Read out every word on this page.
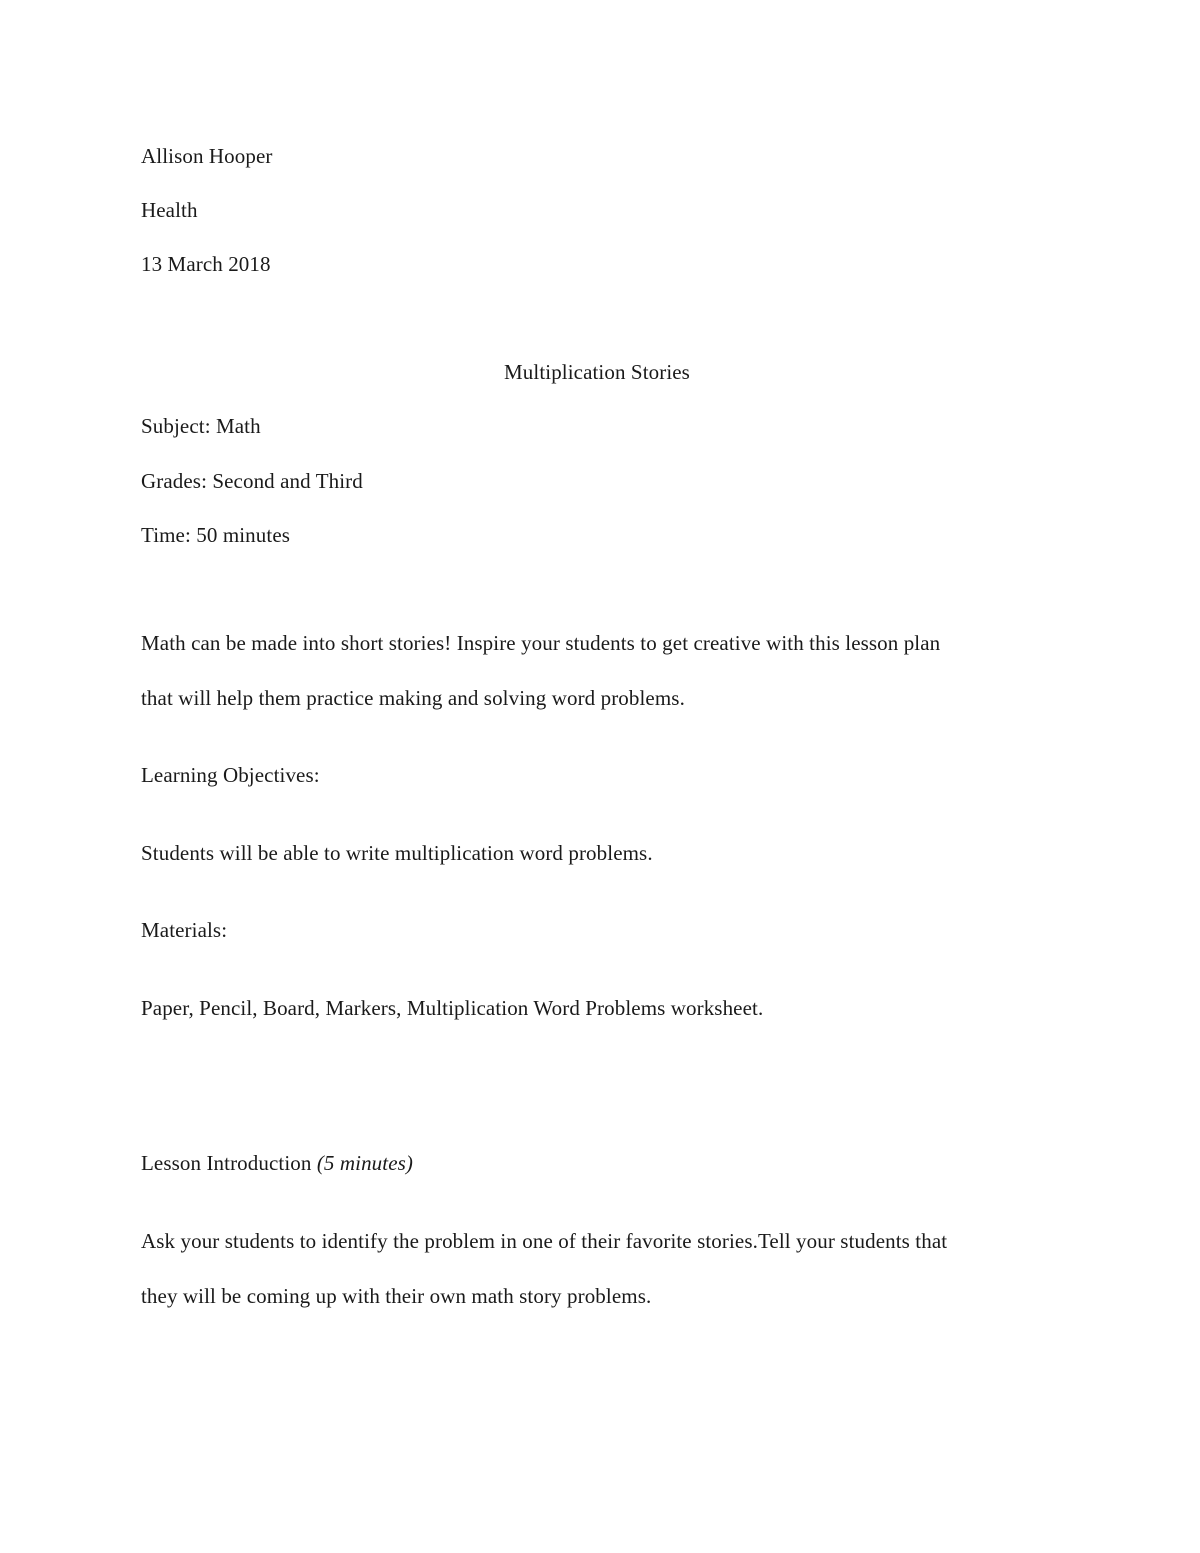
Allison Hooper
Health
13 March 2018
Multiplication Stories
Subject: Math
Grades: Second and Third
Time: 50 minutes
Math can be made into short stories! Inspire your students to get creative with this lesson plan
that will help them practice making and solving word problems.
Learning Objectives:
Students will be able to write multiplication word problems.
Materials:
Paper, Pencil, Board, Markers, Multiplication Word Problems worksheet.
Lesson Introduction (5 minutes)
Ask your students to identify the problem in one of their favorite stories.Tell your students that
they will be coming up with their own math story problems.
